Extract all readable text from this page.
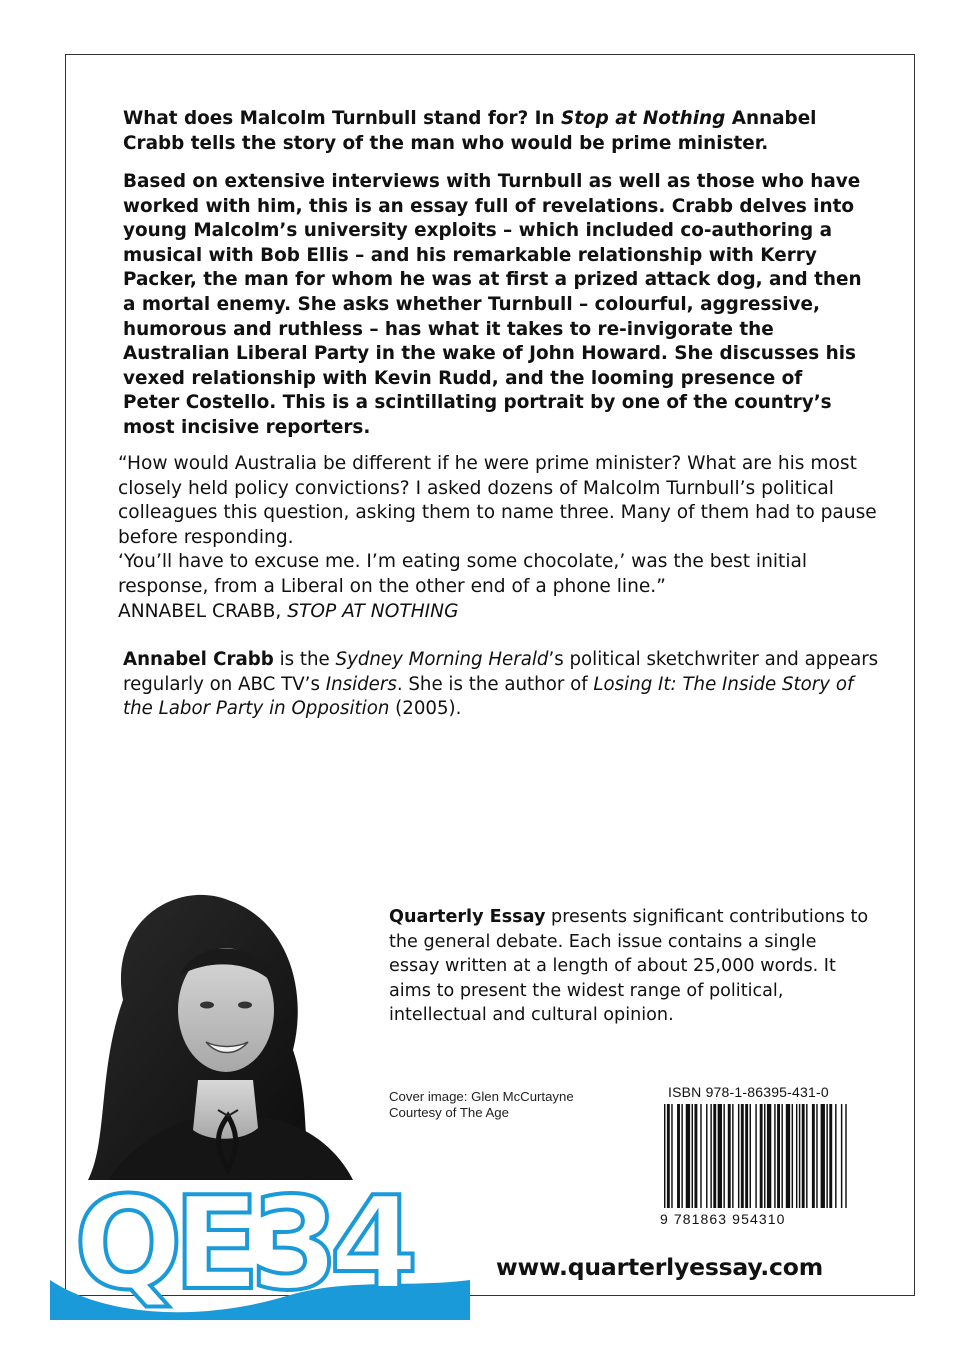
What does Malcolm Turnbull stand for? In Stop at Nothing Annabel Crabb tells the story of the man who would be prime minister.

Based on extensive interviews with Turnbull as well as those who have worked with him, this is an essay full of revelations. Crabb delves into young Malcolm’s university exploits – which included co-authoring a musical with Bob Ellis – and his remarkable relationship with Kerry Packer, the man for whom he was at first a prized attack dog, and then a mortal enemy. She asks whether Turnbull – colourful, aggressive, humorous and ruthless – has what it takes to re-invigorate the Australian Liberal Party in the wake of John Howard. She discusses his vexed relationship with Kevin Rudd, and the looming presence of Peter Costello. This is a scintillating portrait by one of the country’s most incisive reporters.

“How would Australia be different if he were prime minister? What are his most closely held policy convictions? I asked dozens of Malcolm Turnbull’s political colleagues this question, asking them to name three. Many of them had to pause before responding.

‘You’ll have to excuse me. I’m eating some chocolate,’ was the best initial response, from a Liberal on the other end of a phone line.”

ANNABEL CRABB, STOP AT NOTHING

Annabel Crabb is the Sydney Morning Herald’s political sketchwriter and appears regularly on ABC TV’s Insiders. She is the author of Losing It: The Inside Story of the Labor Party in Opposition (2005).

QE34

Quarterly Essay presents significant contributions to the general debate. Each issue contains a single essay written at a length of about 25,000 words. It aims to present the widest range of political, intellectual and cultural opinion.

Cover image: Glen McCurtayne
Courtesy of The Age
ISBN 978-1-86395-431-0
9 781863 954310
www.quarterlyessay.com
